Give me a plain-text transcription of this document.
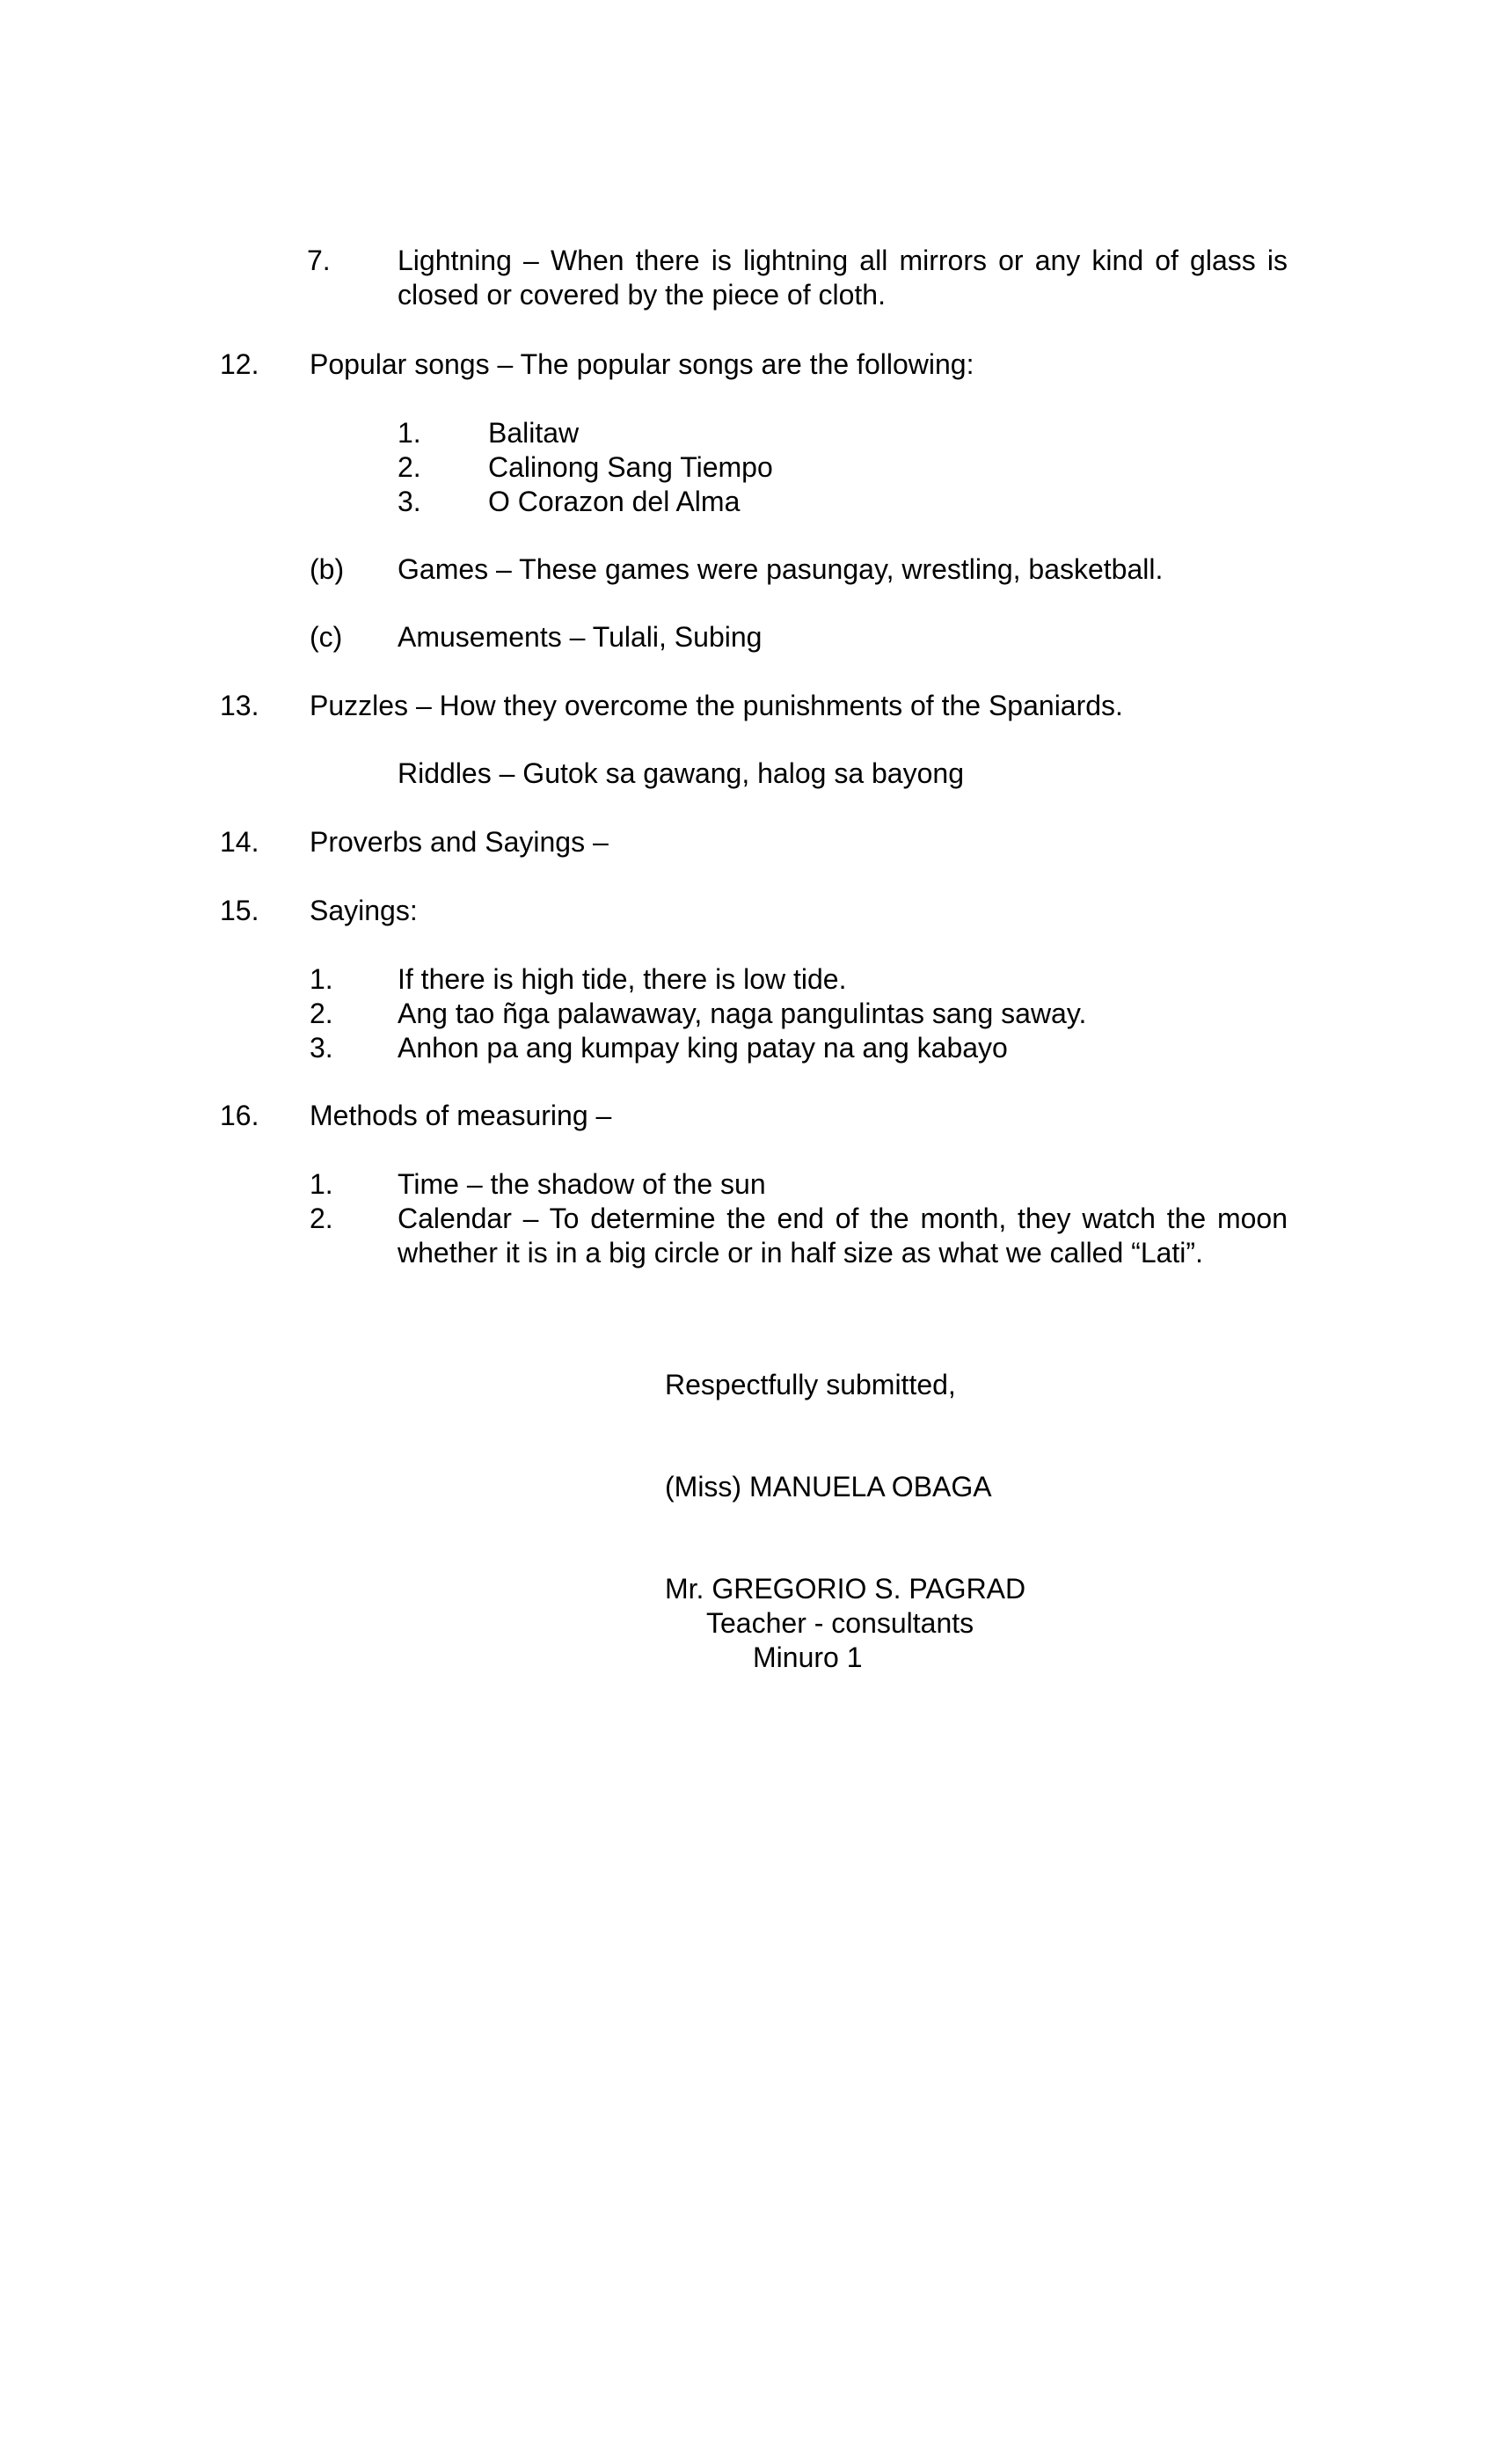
7. Lightning – When there is lightning all mirrors or any kind of glass is closed or covered by the piece of cloth.
12. Popular songs – The popular songs are the following:
1. Balitaw
2. Calinong Sang Tiempo
3. O Corazon del Alma
(b) Games – These games were pasungay, wrestling, basketball.
(c) Amusements – Tulali, Subing
13. Puzzles – How they overcome the punishments of the Spaniards.
Riddles – Gutok sa gawang, halog sa bayong
14. Proverbs and Sayings –
15. Sayings:
1. If there is high tide, there is low tide.
2. Ang tao ñga palawaway, naga pangulintas sang saway.
3. Anhon pa ang kumpay king patay na ang kabayo
16. Methods of measuring –
1. Time – the shadow of the sun
2. Calendar – To determine the end of the month, they watch the moon whether it is in a big circle or in half size as what we called “Lati”.
Respectfully submitted,
(Miss) MANUELA OBAGA
Mr. GREGORIO S. PAGRAD
Teacher - consultants
Minuro 1
